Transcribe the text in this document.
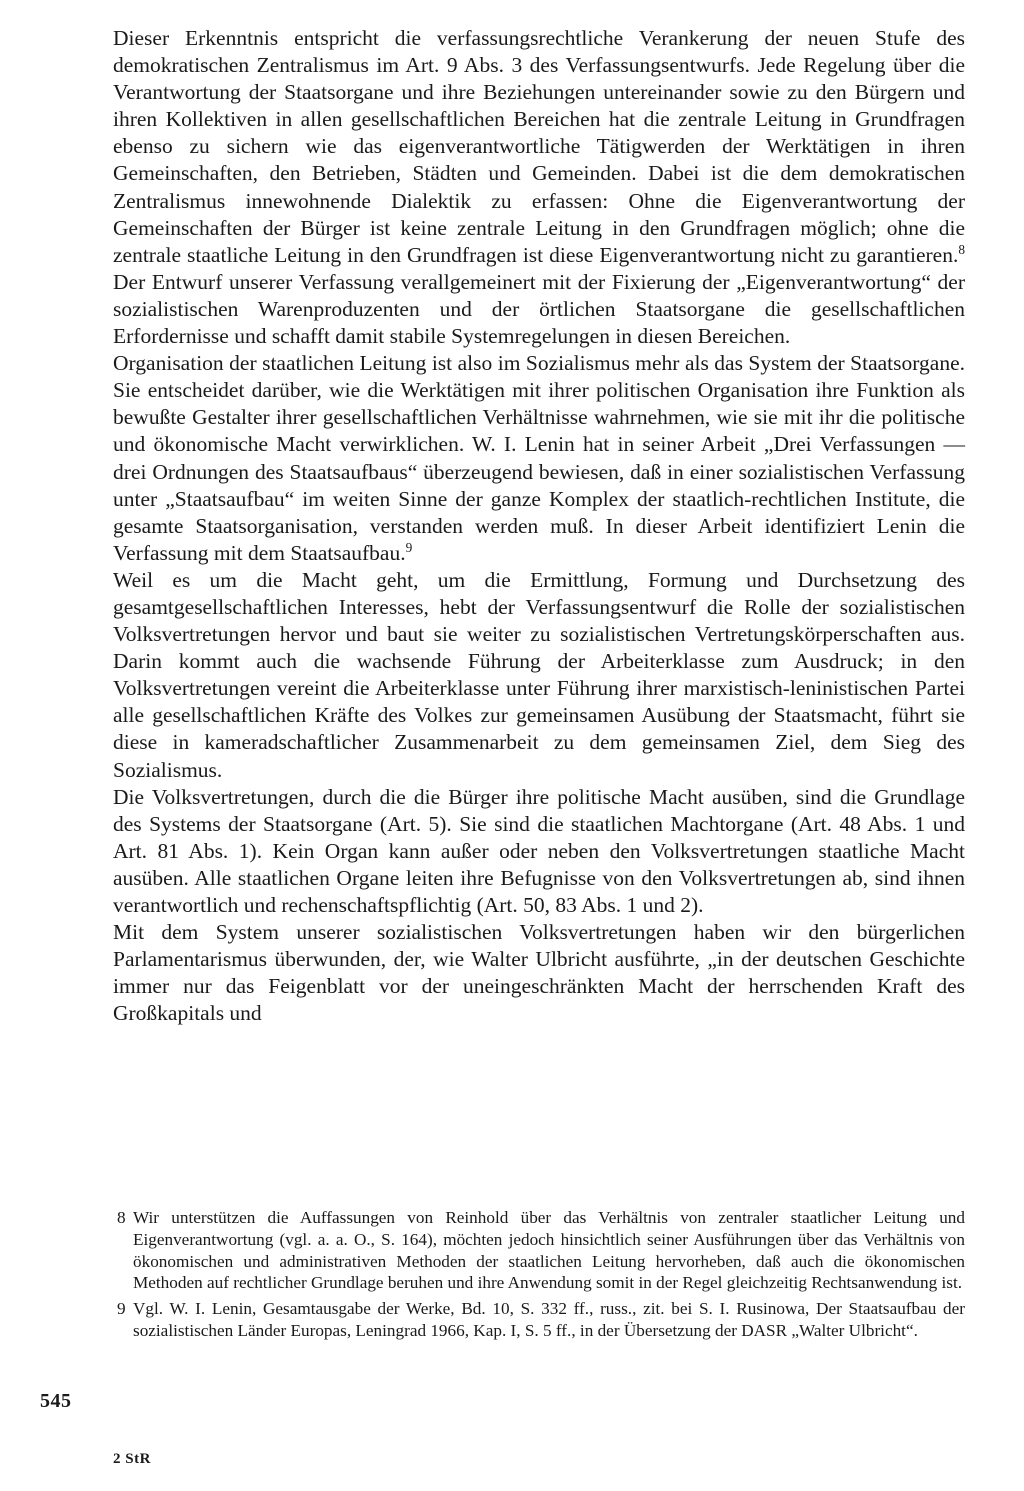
Dieser Erkenntnis entspricht die verfassungsrechtliche Verankerung der neuen Stufe des demokratischen Zentralismus im Art. 9 Abs. 3 des Verfassungsentwurfs. Jede Regelung über die Verantwortung der Staatsorgane und ihre Beziehungen untereinander sowie zu den Bürgern und ihren Kollektiven in allen gesellschaftlichen Bereichen hat die zentrale Leitung in Grundfragen ebenso zu sichern wie das eigenverantwortliche Tätigwerden der Werktätigen in ihren Gemeinschaften, den Betrieben, Städten und Gemeinden. Dabei ist die dem demokratischen Zentralismus innewohnende Dialektik zu erfassen: Ohne die Eigenverantwortung der Gemeinschaften der Bürger ist keine zentrale Leitung in den Grundfragen möglich; ohne die zentrale staatliche Leitung in den Grundfragen ist diese Eigenverantwortung nicht zu garantieren.$^8$ Der Entwurf unserer Verfassung verallgemeinert mit der Fixierung der „Eigenverantwortung“ der sozialistischen Warenproduzenten und der örtlichen Staatsorgane die gesellschaftlichen Erfordernisse und schafft damit stabile Systemregelungen in diesen Bereichen.

Organisation der staatlichen Leitung ist also im Sozialismus mehr als das System der Staatsorgane. Sie entscheidet darüber, wie die Werktätigen mit ihrer politischen Organisation ihre Funktion als bewußte Gestalter ihrer gesellschaftlichen Verhältnisse wahrnehmen, wie sie mit ihr die politische und ökonomische Macht verwirklichen. W. I. Lenin hat in seiner Arbeit „Drei Verfassungen — drei Ordnungen des Staatsaufbaus“ überzeugend bewiesen, daß in einer sozialistischen Verfassung unter „Staatsaufbau“ im weiten Sinne der ganze Komplex der staatlich-rechtlichen Institute, die gesamte Staatsorganisation, verstanden werden muß. In dieser Arbeit identifiziert Lenin die Verfassung mit dem Staatsaufbau.$^9$

Weil es um die Macht geht, um die Ermittlung, Formung und Durchsetzung des gesamtgesellschaftlichen Interesses, hebt der Verfassungsentwurf die Rolle der sozialistischen Volksvertretungen hervor und baut sie weiter zu sozialistischen Vertretungskörperschaften aus. Darin kommt auch die wachsende Führung der Arbeiterklasse zum Ausdruck; in den Volksvertretungen vereint die Arbeiterklasse unter Führung ihrer marxistisch-leninistischen Partei alle gesellschaftlichen Kräfte des Volkes zur gemeinsamen Ausübung der Staatsmacht, führt sie diese in kameradschaftlicher Zusammenarbeit zu dem gemeinsamen Ziel, dem Sieg des Sozialismus.

Die Volksvertretungen, durch die die Bürger ihre politische Macht ausüben, sind die Grundlage des Systems der Staatsorgane (Art. 5). Sie sind die staatlichen Machtorgane (Art. 48 Abs. 1 und Art. 81 Abs. 1). Kein Organ kann außer oder neben den Volksvertretungen staatliche Macht ausüben. Alle staatlichen Organe leiten ihre Befugnisse von den Volksvertretungen ab, sind ihnen verantwortlich und rechenschaftspflichtig (Art. 50, 83 Abs. 1 und 2).

Mit dem System unserer sozialistischen Volksvertretungen haben wir den bürgerlichen Parlamentarismus überwunden, der, wie Walter Ulbricht ausführte, „in der deutschen Geschichte immer nur das Feigenblatt vor der uneingeschränkten Macht der herrschenden Kraft des Großkapitals und

8 Wir unterstützen die Auffassungen von Reinhold über das Verhältnis von zentraler staatlicher Leitung und Eigenverantwortung (vgl. a. a. O., S. 164), möchten jedoch hinsichtlich seiner Ausführungen über das Verhältnis von ökonomischen und administrativen Methoden der staatlichen Leitung hervorheben, daß auch die ökonomischen Methoden auf rechtlicher Grundlage beruhen und ihre Anwendung somit in der Regel gleichzeitig Rechtsanwendung ist.
9 Vgl. W. I. Lenin, Gesamtausgabe der Werke, Bd. 10, S. 332 ff., russ., zit. bei S. I. Rusinowa, Der Staatsaufbau der sozialistischen Länder Europas, Leningrad 1966, Kap. I, S. 5 ff., in der Übersetzung der DASR „Walter Ulbricht“.
545
2 StR
